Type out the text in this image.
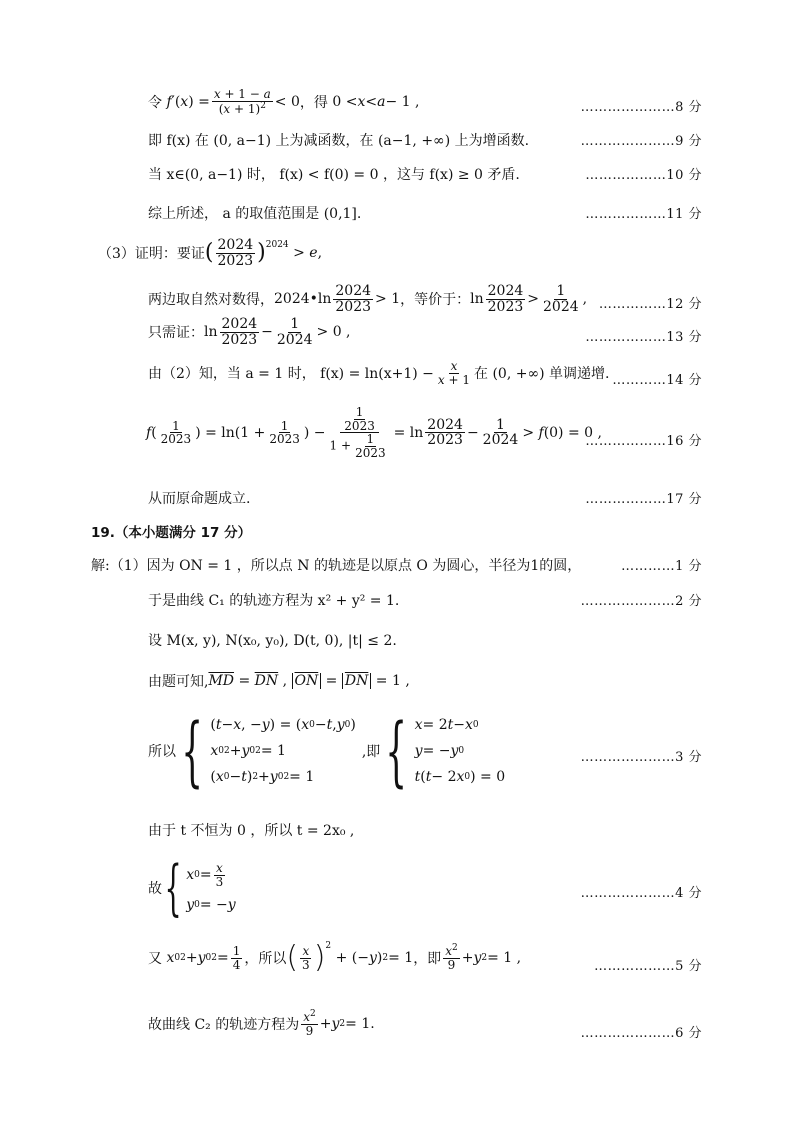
令 f ′( x ) = $\frac{x + 1 - a}{(x + 1)^2} < 0$ ，得 0 < x < a − 1 ,	…………………8 分
即 f(x) 在 (0, a−1) 上为减函数，在 (a−1, +∞) 上为增函数.	…………………9 分
当 x∈(0, a−1) 时， f(x) < f(0) = 0 ，这与 f(x) ≥ 0 矛盾.	………………10 分
综上所述， a 的取值范围是 (0,1].	………………11 分
（3）证明：要证 ( $\frac{2024}{2023} )^{2024} > e$ ,
两边取自然对数得， 2024•ln $\frac{2024}{2023} > 1$ ，等价于： $\ln \frac{2024}{2023} > \frac{1}{2024}$ , ……………12 分
只需证： $\ln \frac{2024}{2023} - \frac{1}{2024} > 0$ ,	………………13 分
由（2）知，当 a = 1 时， $f(x) = \ln(x+1) - \frac{x}{x + 1}$ 在 (0, +∞) 单调递增. …………14 分
f ( $\frac{1}{2023}$ ) = $\ln(1 + \frac{1}{2023}$ ) − $\frac{\frac{1}{2023}}{1 + \frac{1}{2023}} = \ln \frac{2024}{2023} - \frac{1}{2024} > f$ (0) = 0 ,
………………16 分
从而原命题成立.	………………17 分
19.（本小题满分 17 分）
解:（1）因为 ON = 1 ，所以点 N 的轨迹是以原点 O 为圆心，半径为1的圆，	…………1 分
于是曲线 C₁ 的轨迹方程为 x² + y² = 1.	…………………2 分
设 M(x, y), N(x₀, y₀), D(t, 0), |t| ≤ 2.
由题可知, $\overline{MD} = \overline{DN}$ , $\overline{ON} = \overline{DN} = 1$ ,
所以 { ( t − x , − y ) = ( x 0 − t , y 0 )
x 0 2 + y 0 2 = 1
( x 0 − t ) 2 + y 0 2 = 1
,即 { x = 2 t − x 0
y = − y 0
t ( t − 2 x 0 ) = 0
…………………3 分
由于 t 不恒为 0 ，所以 t = 2x₀ ,
故 { x $0 = \frac{x}{3}$
y 0 = − y
…………………4 分
又
x 0 2 + y 0 $2 = \frac{1}{4}$ ，所以 ( $\frac{x}{3} )^2$
+ (− y ) 2 = 1 ，即 $\frac{x^2}{9} + y$ 2 = 1 ,
………………5 分
故曲线 C₂ 的轨迹方程为 $\frac{x^2}{9} + y$ 2 = 1.
…………………6 分
